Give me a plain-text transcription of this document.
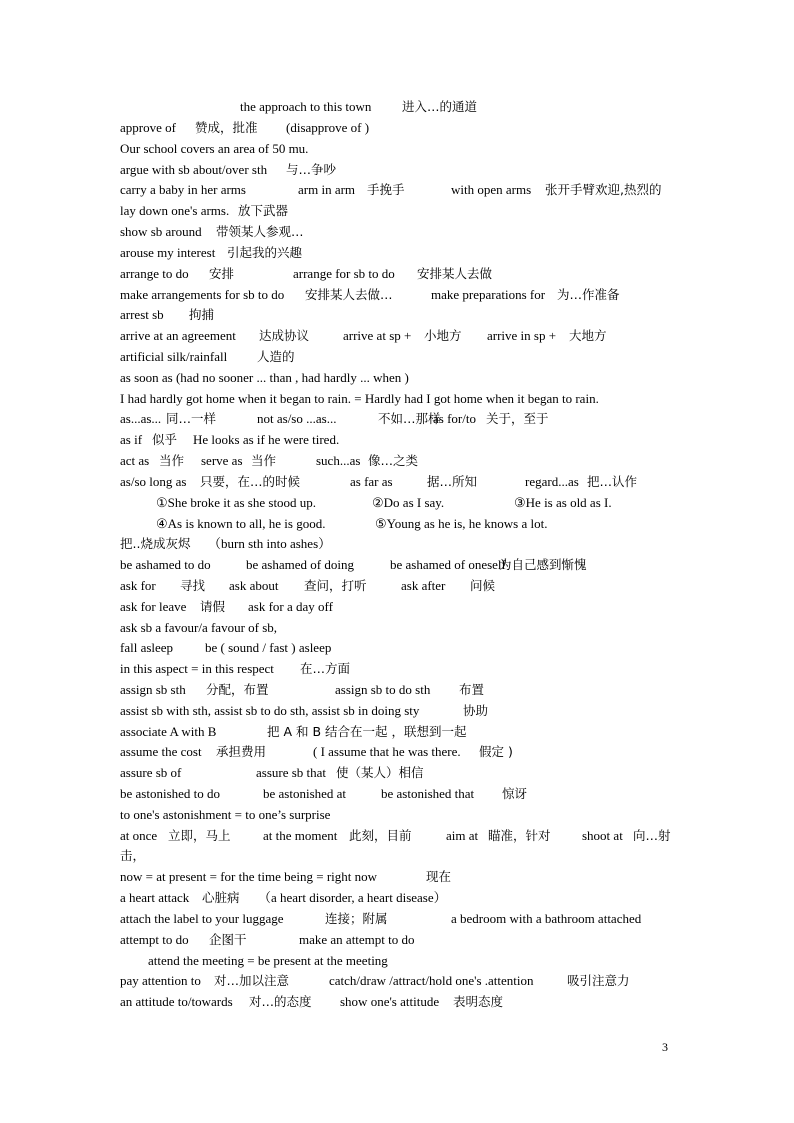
3
the approach to this town 进入…的通道
approve of 赞成，批准 (disapprove of )
Our school covers an area of 50 mu.
argue with sb about/over sth 与…争吵
carry a baby in her arms	arm in arm 手挽手	with open arms 张开手臂欢迎,热烈的
lay down one's arms. 放下武器
show sb around 带领某人参观…
arouse my interest 引起我的兴趣
arrange to do 安排	arrange for sb to do 安排某人去做
make arrangements for sb to do 安排某人去做…	make preparations for 为…作准备
arrest sb 拘捕
arrive at an agreement 达成协议	arrive at sp + 小地方 arrive in sp + 大地方
artificial silk/rainfall 人造的
as soon as (had no sooner ... than , had hardly ... when )
I had hardly got home when it began to rain. = Hardly had I got home when it began to rain.
as...as... 同…一样	not as/so ...as...	不如…那样
as for/to 关于，至于
as if 似乎 He looks as if he were tired.
act as 当作 serve as 当作	such...as 像…之类
as/so long as 只要，在…的时候	as far as	据…所知	regard...as 把…认作
①She broke it as she stood up.	②Do as I say.	③He is as old as I.
④As is known to all, he is good.	⑤Young as he is, he knows a lot.
把..烧成灰烬 （burn sth into ashes）
be ashamed to do	be ashamed of doing	be ashamed of oneself
为自己感到惭愧
ask for 寻找 ask about 查问，打听	ask after 问候
ask for leave 请假 ask for a day off
ask sb a favour/a favour of sb,
fall asleep be ( sound / fast ) asleep
in this aspect = in this respect 在…方面
assign sb sth 分配，布置	assign sb to do sth 布置
assist sb with sth, assist sb to do sth, assist sb in doing sty	协助
associate A with B	把 A 和 B 结合在一起 ，联想到一起
assume the cost 承担费用	( I assume that he was there. 假定 )
assure sb of	assure sb that 使（某人）相信
be astonished to do	be astonished at	be astonished that 惊讶
to one's astonishment = to one’s surprise
at once 立即，马上 at the moment 此刻，目前	aim at 瞄准，针对 shoot at 向…射
击，
now = at present = for the time being = right now	现在
a heart attack 心脏病 （a heart disorder, a heart disease）
attach the label to your luggage	连接；附属	a bedroom with a bathroom attached
attempt to do 企图干	make an attempt to do
attend the meeting = be present at the meeting
pay attention to 对…加以注意	catch/draw /attract/hold one's .attention	吸引注意力
an attitude to/towards 对…的态度 show one's attitude 表明态度
